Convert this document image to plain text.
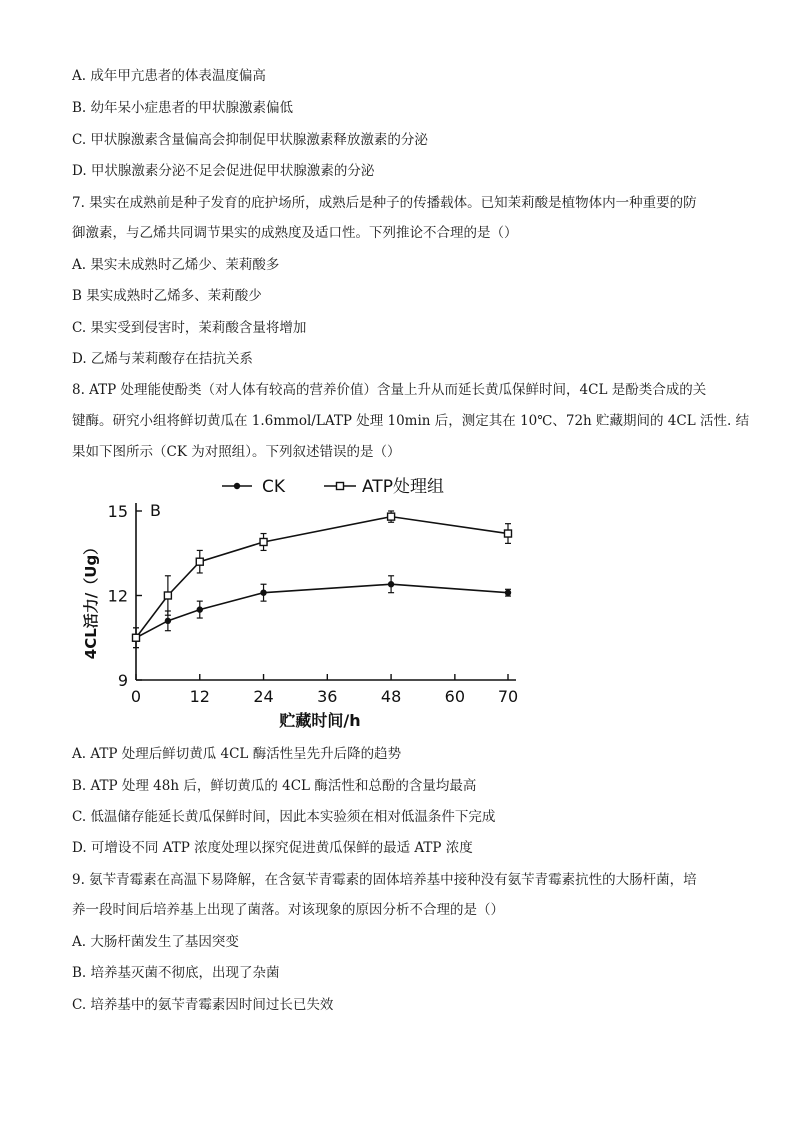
A. 成年甲亢患者的体表温度偏高
B. 幼年呆小症患者的甲状腺激素偏低
C. 甲状腺激素含量偏高会抑制促甲状腺激素释放激素的分泌
D. 甲状腺激素分泌不足会促进促甲状腺激素的分泌
7. 果实在成熟前是种子发育的庇护场所，成熟后是种子的传播载体。已知茉莉酸是植物体内一种重要的防
御激素，与乙烯共同调节果实的成熟度及适口性。下列推论不合理的是（）
A. 果实未成熟时乙烯少、茉莉酸多
B 果实成熟时乙烯多、茉莉酸少
C. 果实受到侵害时，茉莉酸含量将增加
D. 乙烯与茉莉酸存在拮抗关系
8. ATP 处理能使酚类（对人体有较高的营养价值）含量上升从而延长黄瓜保鲜时间，4CL 是酚类合成的关
键酶。研究小组将鲜切黄瓜在 1.6mmol/LATP 处理 10min 后，测定其在 10℃、72h 贮藏期间的 4CL 活性. 结
果如下图所示（CK 为对照组）。下列叙述错误的是（）
0	12	24	36	48	60 70
9
12
15 B
贮藏时间/h
4CL活力/（Ug）
CK	ATP处理组
A. ATP 处理后鲜切黄瓜 4CL 酶活性呈先升后降的趋势
B. ATP 处理 48h 后，鲜切黄瓜的 4CL 酶活性和总酚的含量均最高
C. 低温储存能延长黄瓜保鲜时间，因此本实验须在相对低温条件下完成
D. 可增设不同 ATP 浓度处理以探究促进黄瓜保鲜的最适 ATP 浓度
9. 氨苄青霉素在高温下易降解，在含氨苄青霉素的固体培养基中接种没有氨苄青霉素抗性的大肠杆菌，培
养一段时间后培养基上出现了菌落。对该现象的原因分析不合理的是（）
A. 大肠杆菌发生了基因突变
B. 培养基灭菌不彻底，出现了杂菌
C. 培养基中的氨苄青霉素因时间过长已失效
